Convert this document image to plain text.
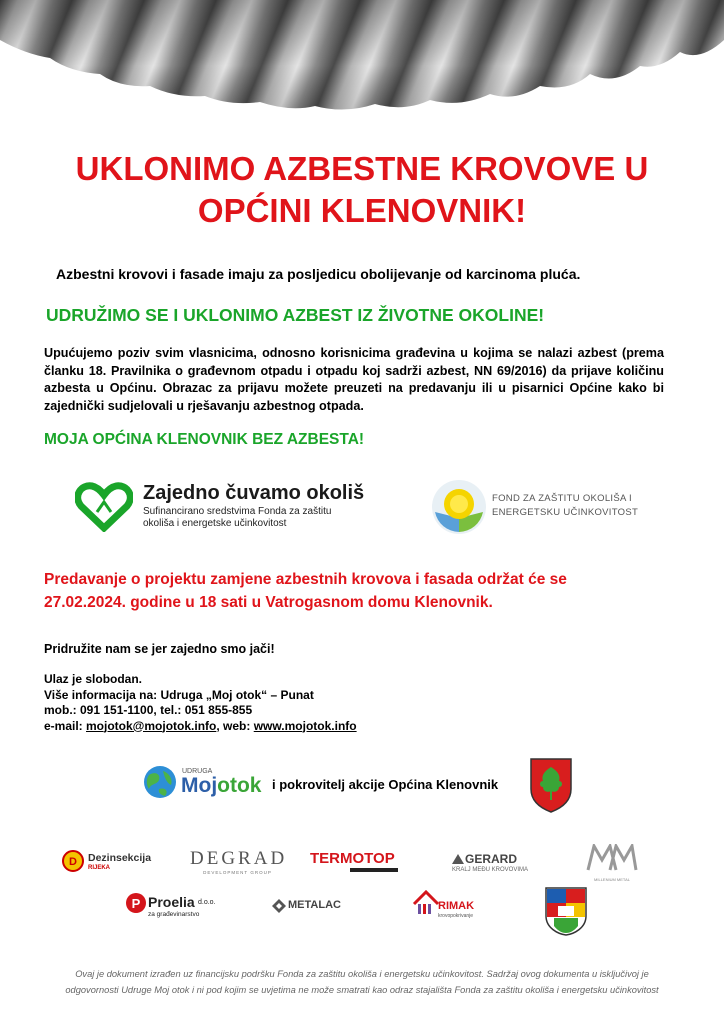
UKLONIMO AZBESTNE KROVOVE U
OPĆINI KLENOVNIK!
Azbestni krovovi i fasade imaju za posljedicu obolijevanje od karcinoma pluća.
UDRUŽIMO SE I UKLONIMO AZBEST IZ ŽIVOTNE OKOLINE!
Upućujemo poziv svim vlasnicima, odnosno korisnicima građevina u kojima se nalazi azbest (prema članku 18. Pravilnika o građevnom otpadu i otpadu koj sadrži azbest, NN 69/2016) da prijave količinu azbesta u Općinu. Obrazac za prijavu možete preuzeti na predavanju ili u pisarnici Općine kako bi zajednički sudjelovali u rješavanju azbestnog otpada.
MOJA OPĆINA KLENOVNIK BEZ AZBESTA!
Zajedno čuvamo okoliš
Sufinancirano sredstvima Fonda za zaštitu
okoliša i energetske učinkovitost
FOND ZA ZAŠTITU OKOLIŠA I
ENERGETSKU UČINKOVITOST
Predavanje o projektu zamjene azbestnih krovova i fasada održat će se
27.02.2024. godine u 18 sati u Vatrogasnom domu Klenovnik.
Pridružite nam se jer zajedno smo jači!
Ulaz je slobodan.
Više informacija na: Udruga „Moj otok“ – Punat
mob.: 091 151-1100, tel.: 051 855-855
e-mail: mojotok@mojotok.info, web: www.mojotok.info
UDRUGA
Mojotok i pokrovitelj akcije Općina Klenovnik
D Dezinsekcija
RIJEKA	DEGRAD
DEVELOPMENT GROUP
TERMOTOP	GERARD
KRALJ MEĐU KROVOVIMA
MILLENIUM METAL
P Proelia d.o.o.
za građevinarstvo
METALAC	RIMAK
krovopokrivanje
Ovaj je dokument izrađen uz financijsku podršku Fonda za zaštitu okoliša i energetsku učinkovitost. Sadržaj ovog dokumenta u isključivoj je
odgovornosti Udruge Moj otok i ni pod kojim se uvjetima ne može smatrati kao odraz stajališta Fonda za zaštitu okoliša i energetsku učinkovitost
